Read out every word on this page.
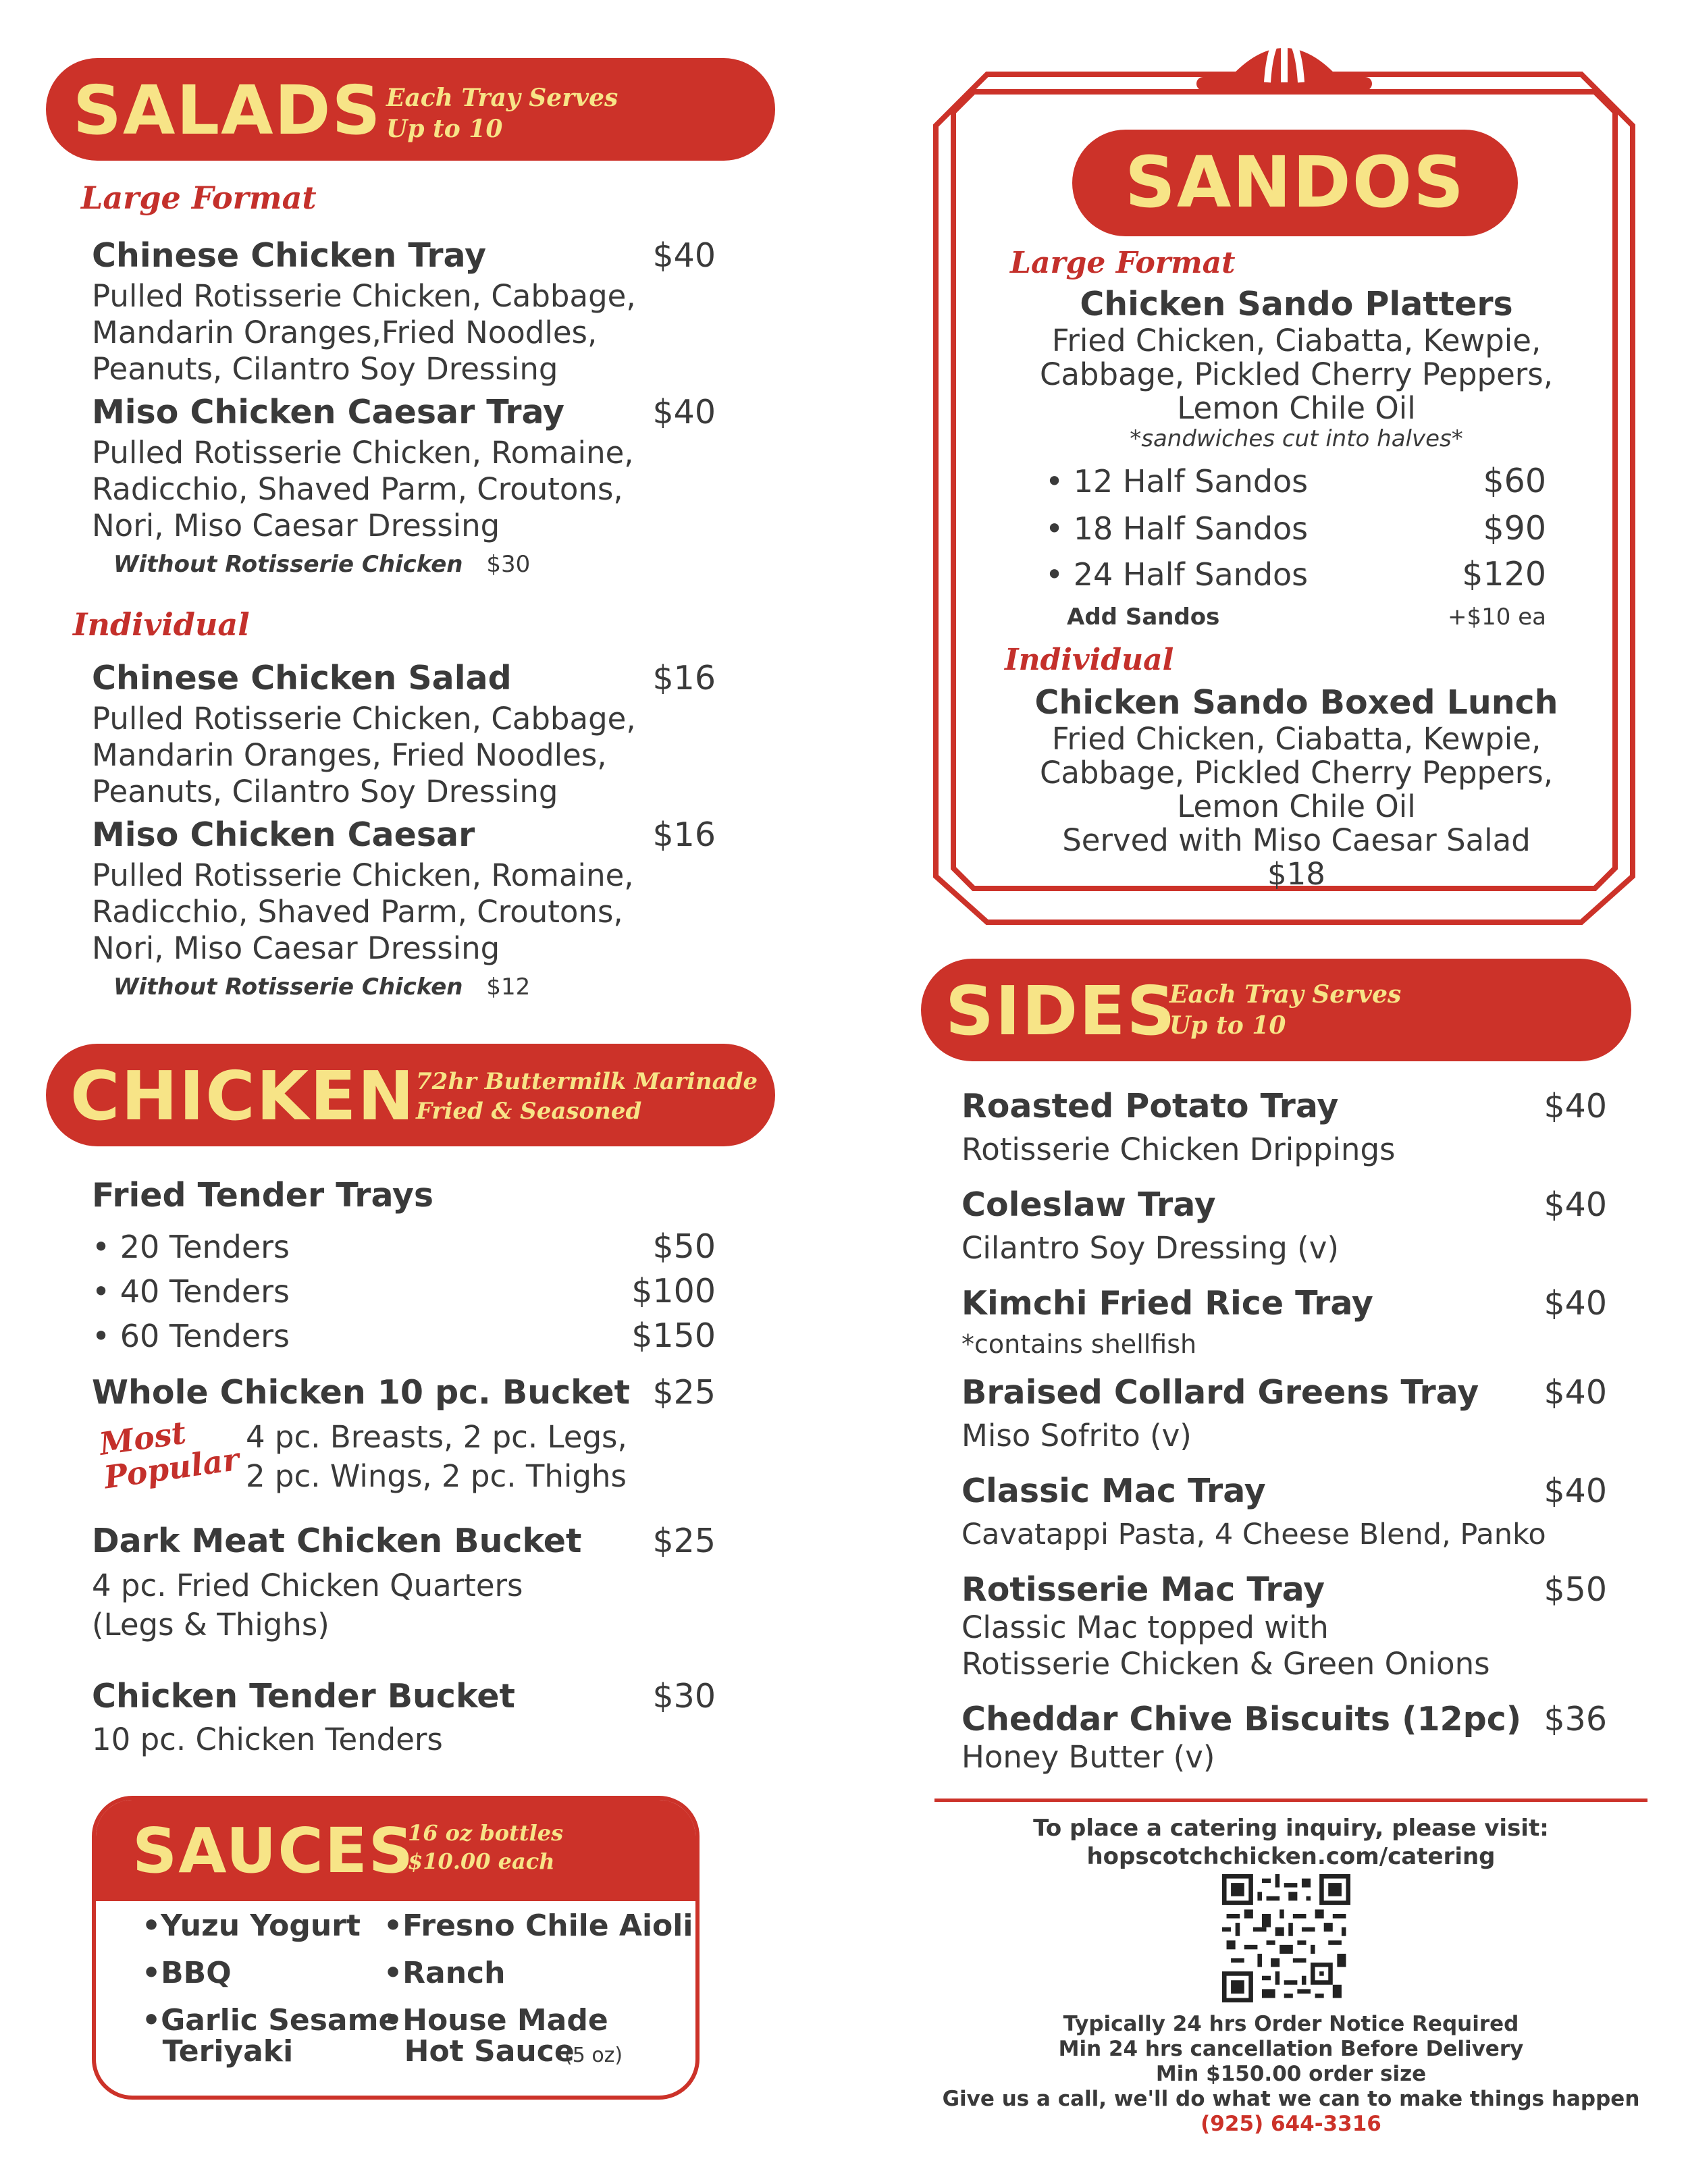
SALADS Each Tray Serves
Up to 10
Large Format
Chinese Chicken Tray	$40
Pulled Rotisserie Chicken, Cabbage,
Mandarin Oranges,Fried Noodles,
Peanuts, Cilantro Soy Dressing
Miso Chicken Caesar Tray	$40
Pulled Rotisserie Chicken, Romaine,
Radicchio, Shaved Parm, Croutons,
Nori, Miso Caesar Dressing
Without Rotisserie Chicken $30
Individual
Chinese Chicken Salad	$16
Pulled Rotisserie Chicken, Cabbage,
Mandarin Oranges, Fried Noodles,
Peanuts, Cilantro Soy Dressing
Miso Chicken Caesar	$16
Pulled Rotisserie Chicken, Romaine,
Radicchio, Shaved Parm, Croutons,
Nori, Miso Caesar Dressing
Without Rotisserie Chicken $12
CHICKEN 72hr Buttermilk Marinade
Fried & Seasoned
Fried Tender Trays
• 20 Tenders	$50
• 40 Tenders	$100
• 60 Tenders	$150
Whole Chicken 10 pc. Bucket $25
Most
Popular
4 pc. Breasts, 2 pc. Legs,
2 pc. Wings, 2 pc. Thighs
Dark Meat Chicken Bucket	$25
4 pc. Fried Chicken Quarters
(Legs & Thighs)
Chicken Tender Bucket	$30
10 pc. Chicken Tenders
SAUCES
16 oz bottles
$10.00 each
•Yuzu Yogurt
•BBQ
•Garlic Sesame
Teriyaki
•Fresno Chile Aioli
•Ranch
•House Made
Hot Sauce
(5 oz)
SANDOS
Large Format
Chicken Sando Platters
Fried Chicken, Ciabatta, Kewpie,
Cabbage, Pickled Cherry Peppers,
Lemon Chile Oil
*sandwiches cut into halves*
• 12 Half Sandos	$60
• 18 Half Sandos	$90
• 24 Half Sandos	$120
Add Sandos	+$10 ea
Individual
Chicken Sando Boxed Lunch
Fried Chicken, Ciabatta, Kewpie,
Cabbage, Pickled Cherry Peppers,
Lemon Chile Oil
Served with Miso Caesar Salad
$18
SIDES
Each Tray Serves
Up to 10
Roasted Potato Tray	$40
Rotisserie Chicken Drippings
Coleslaw Tray	$40
Cilantro Soy Dressing (v)
Kimchi Fried Rice Tray	$40
*contains shellfish
Braised Collard Greens Tray	$40
Miso Sofrito (v)
Classic Mac Tray	$40
Cavatappi Pasta, 4 Cheese Blend, Panko
Rotisserie Mac Tray	$50
Classic Mac topped with
Rotisserie Chicken & Green Onions
Cheddar Chive Biscuits (12pc) $36
Honey Butter (v)
To place a catering inquiry, please visit:
hopscotchchicken.com/catering
Typically 24 hrs Order Notice Required
Min 24 hrs cancellation Before Delivery
Min $150.00 order size
Give us a call, we'll do what we can to make things happen
(925) 644-3316
